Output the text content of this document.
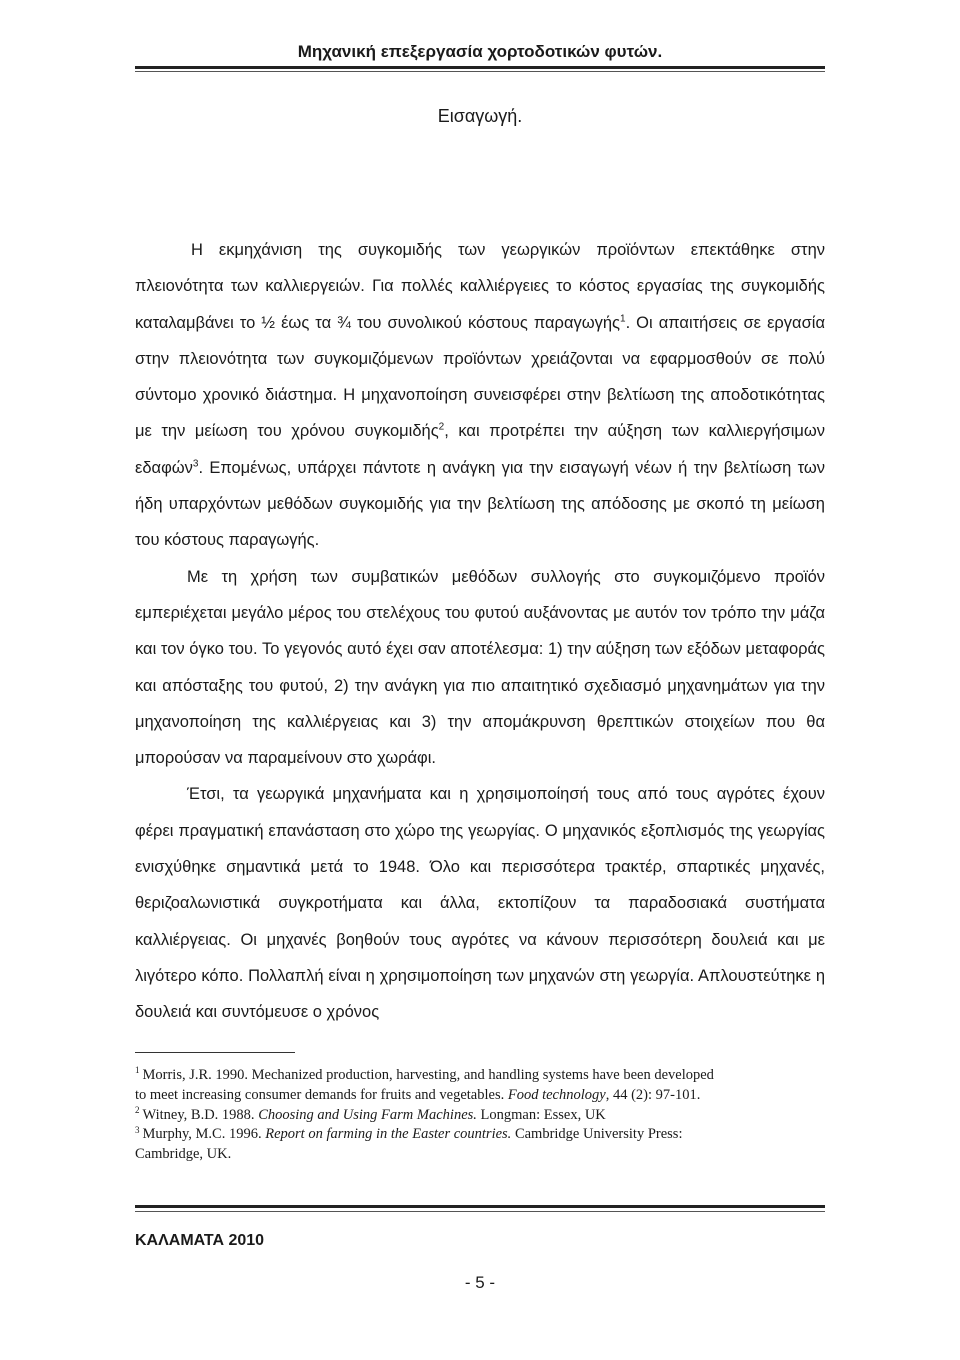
Μηχανική επεξεργασία χορτοδοτικών φυτών.
Εισαγωγή.

Η εκμηχάνιση της συγκομιδής των γεωργικών προϊόντων επεκτάθηκε στην πλειονότητα των καλλιεργειών. Για πολλές καλλιέργειες το κόστος εργασίας της συγκομιδής καταλαμβάνει το ½ έως τα ¾ του συνολικού κόστους παραγωγής$^1$. Οι απαιτήσεις σε εργασία στην πλειονότητα των συγκομιζόμενων προϊόντων χρειάζονται να εφαρμοσθούν σε πολύ σύντομο χρονικό διάστημα. Η μηχανοποίηση συνεισφέρει στην βελτίωση της αποδοτικότητας με την μείωση του χρόνου συγκομιδής$^2$, και προτρέπει την αύξηση των καλλιεργήσιμων εδαφών$^3$. Επομένως, υπάρχει πάντοτε η ανάγκη για την εισαγωγή νέων ή την βελτίωση των ήδη υπαρχόντων μεθόδων συγκομιδής για την βελτίωση της απόδοσης με σκοπό τη μείωση του κόστους παραγωγής.

Με τη χρήση των συμβατικών μεθόδων συλλογής στο συγκομιζόμενο προϊόν εμπεριέχεται μεγάλο μέρος του στελέχους του φυτού αυξάνοντας με αυτόν τον τρόπο την μάζα και τον όγκο του. Το γεγονός αυτό έχει σαν αποτέλεσμα: 1) την αύξηση των εξόδων μεταφοράς και απόσταξης του φυτού, 2) την ανάγκη για πιο απαιτητικό σχεδιασμό μηχανημάτων για την μηχανοποίηση της καλλιέργειας και 3) την απομάκρυνση θρεπτικών στοιχείων που θα μπορούσαν να παραμείνουν στο χωράφι.

Έτσι, τα γεωργικά μηχανήματα και η χρησιμοποίησή τους από τους αγρότες έχουν φέρει πραγματική επανάσταση στο χώρο της γεωργίας. Ο μηχανικός εξοπλισμός της γεωργίας ενισχύθηκε σημαντικά μετά το 1948. Όλο και περισσότερα τρακτέρ, σπαρτικές μηχανές, θεριζοαλωνιστικά συγκροτήματα και άλλα, εκτοπίζουν τα παραδοσιακά συστήματα καλλιέργειας. Οι μηχανές βοηθούν τους αγρότες να κάνουν περισσότερη δουλειά και με λιγότερο κόπο. Πολλαπλή είναι η χρησιμοποίηση των μηχανών στη γεωργία. Απλουστεύτηκε η δουλειά και συντόμευσε ο χρόνος

$^1$ Morris, J.R. 1990. Mechanized production, harvesting, and handling systems have been developed to meet increasing consumer demands for fruits and vegetables. Food technology, 44 (2): 97-101.

$^2$ Witney, B.D. 1988. Choosing and Using Farm Machines. Longman: Essex, UK

$^3$ Murphy, M.C. 1996. Report on farming in the Easter countries. Cambridge University Press: Cambridge, UK.

ΚΑΛΑΜΑΤΑ 2010
- 5 -
